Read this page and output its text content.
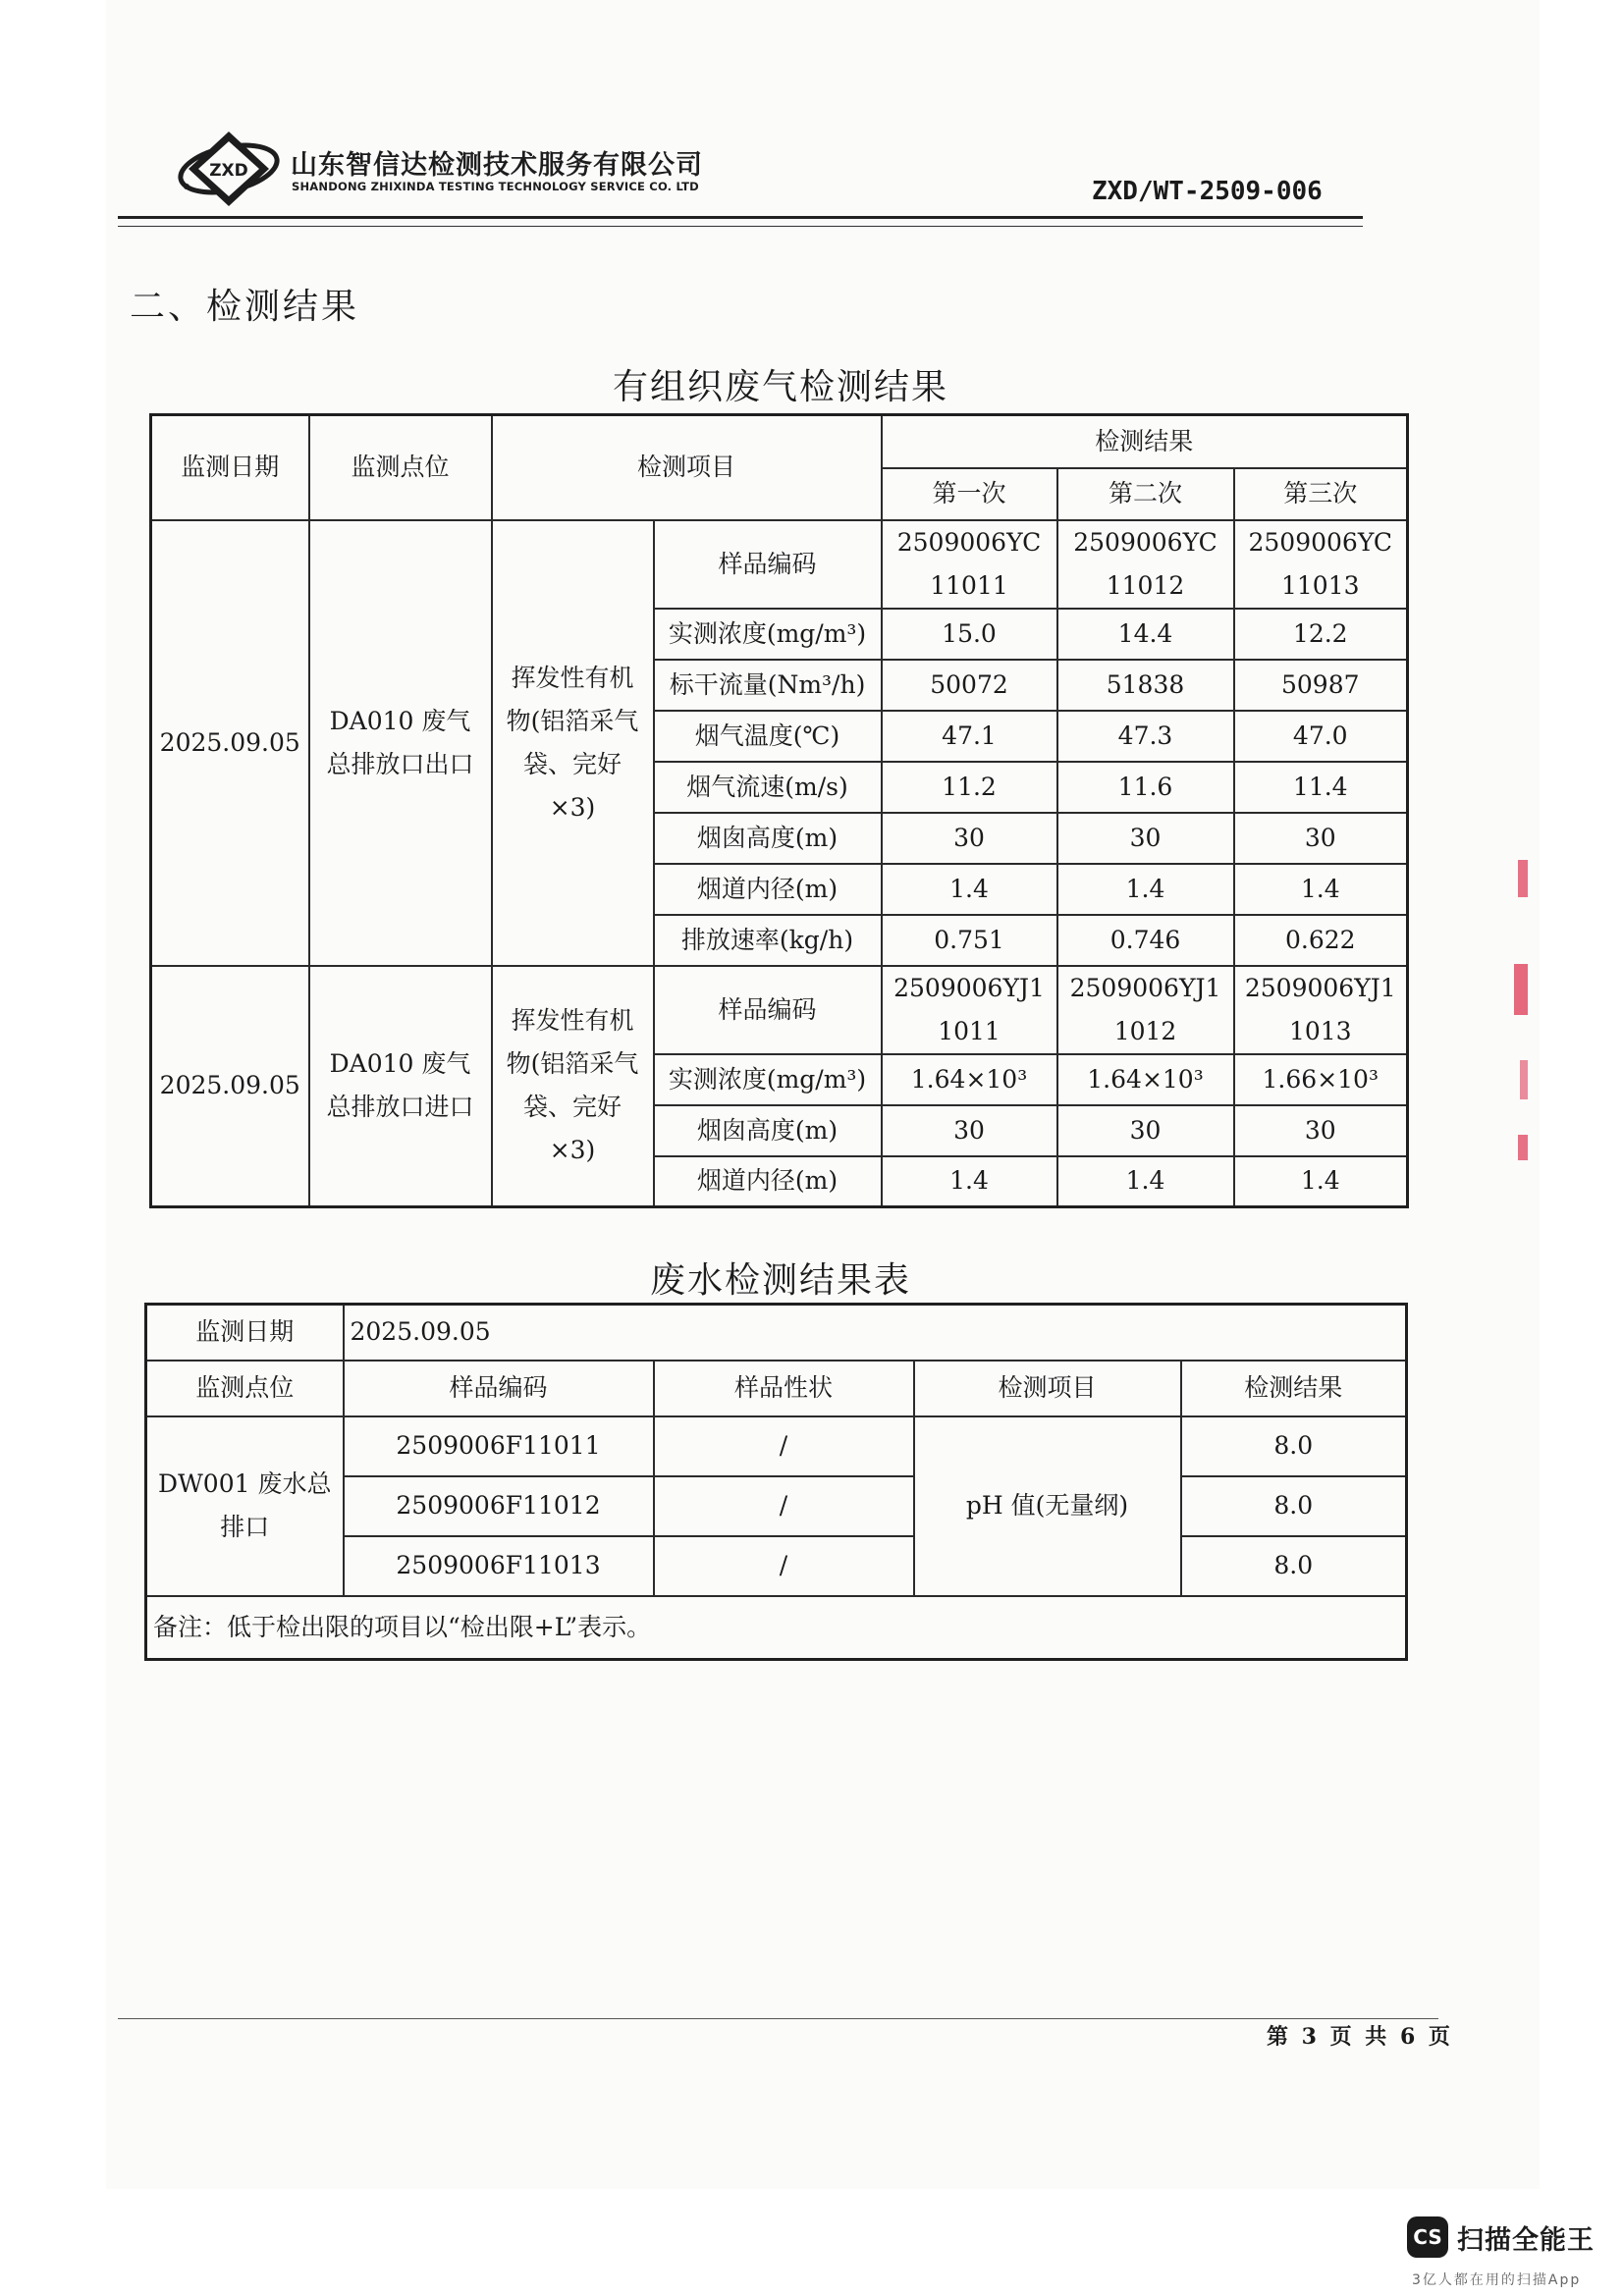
ZXD 山东智信达检测技术服务有限公司
SHANDONG ZHIXINDA TESTING TECHNOLOGY SERVICE CO. LTD	ZXD/WT-2509-006
二、检测结果
有组织废气检测结果
监测日期	监测点位	检测项目		检测结果		
				第一次	第二次	第三次
2025.09.05	DA010 废气总排放口出口	挥发性有机物(铝箔采气袋、完好×3)	样品编码	2509006YC11011	2509006YC11012	2509006YC11013
			实测浓度(mg/m³)	15.0	14.4	12.2
			标干流量(Nm³/h)	50072	51838	50987
			烟气温度(℃)	47.1	47.3	47.0
			烟气流速(m/s)	11.2	11.6	11.4
			烟囱高度(m)	30	30	30
			烟道内径(m)	1.4	1.4	1.4
			排放速率(kg/h)	0.751	0.746	0.622
2025.09.05	DA010 废气总排放口进口	挥发性有机物(铝箔采气袋、完好×3)	样品编码	2509006YJ11011	2509006YJ11012	2509006YJ11013
			实测浓度(mg/m³)	1.64×10³	1.64×10³	1.66×10³
			烟囱高度(m)	30	30	30
			烟道内径(m)	1.4	1.4	1.4
废水检测结果表
监测日期	2025.09.05			
监测点位	样品编码	样品性状	检测项目	检测结果
DW001 废水总排口	2509006F11011	/	pH 值(无量纲)	8.0
	2509006F11012	/		8.0
	2509006F11013	/		8.0
备注：低于检出限的项目以“检出限+L”表示。				
第 3 页 共 6 页
CS 扫描全能王
3亿人都在用的扫描App
